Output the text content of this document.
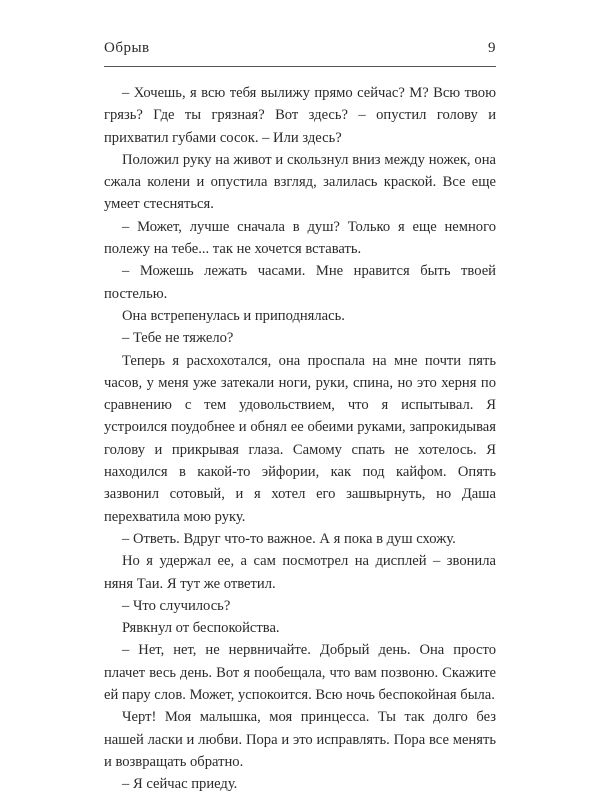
Обрыв	9

– Хочешь, я всю тебя вылижу прямо сейчас? М? Всю твою грязь? Где ты грязная? Вот здесь? – опустил голову и прихватил губами сосок. – Или здесь?

Положил руку на живот и скользнул вниз между ножек, она сжала колени и опустила взгляд, залилась краской. Все еще умеет стесняться.

– Может, лучше сначала в душ? Только я еще немного полежу на тебе... так не хочется вставать.

– Можешь лежать часами. Мне нравится быть твоей постелью.

Она встрепенулась и приподнялась.

– Тебе не тяжело?

Теперь я расхохотался, она проспала на мне почти пять часов, у меня уже затекали ноги, руки, спина, но это херня по сравнению с тем удовольствием, что я испытывал. Я устроился поудобнее и обнял ее обеими руками, запрокидывая голову и прикрывая глаза. Самому спать не хотелось. Я находился в какой-то эйфории, как под кайфом. Опять зазвонил сотовый, и я хотел его зашвырнуть, но Даша перехватила мою руку.

– Ответь. Вдруг что-то важное. А я пока в душ схожу.

Но я удержал ее, а сам посмотрел на дисплей – звонила няня Таи. Я тут же ответил.

– Что случилось?

Рявкнул от беспокойства.

– Нет, нет, не нервничайте. Добрый день. Она просто плачет весь день. Вот я пообещала, что вам позвоню. Скажите ей пару слов. Может, успокоится. Всю ночь беспокойная была.

Черт! Моя малышка, моя принцесса. Ты так долго без нашей ласки и любви. Пора и это исправлять. Пора все менять и возвращать обратно.

– Я сейчас приеду.
